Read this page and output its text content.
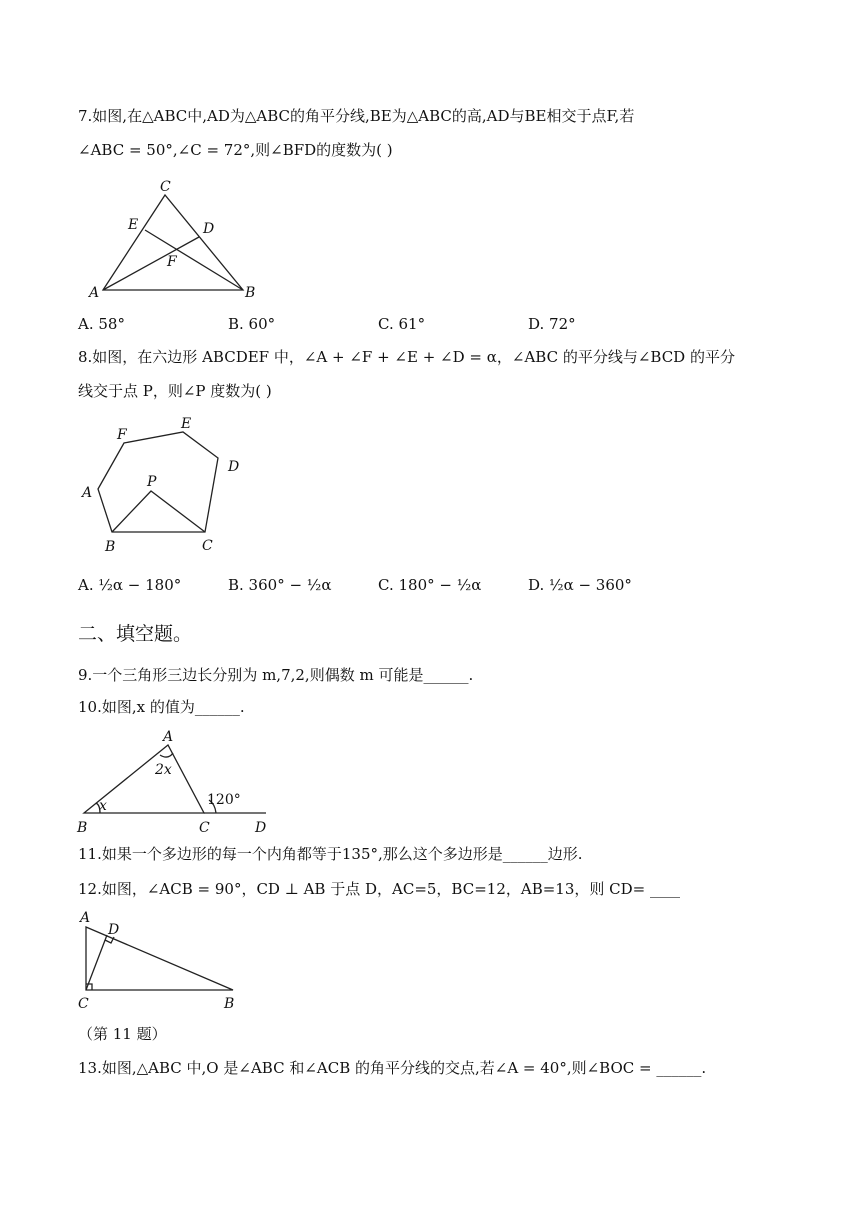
7.如图,在△ABC中,AD为△ABC的角平分线,BE为△ABC的高,AD与BE相交于点F,若
∠ABC = 50°,∠C = 72°,则∠BFD的度数为( )
C
E	D
F
A	B
A. 58°	B. 60°	C. 61°	D. 72°
8.如图，在六边形 ABCDEF 中，∠A + ∠F + ∠E + ∠D = α，∠ABC 的平分线与∠BCD 的平分
线交于点 P，则∠P 度数为( )
F
E
D
A
P
B	C
A. ½α − 180°	B. 360° − ½α	C. 180° − ½α	D. ½α − 360°
二、填空题。
9.一个三角形三边长分别为 m,7,2,则偶数 m 可能是______.
10.如图,x 的值为______.
A
2x
x	120°
B	C	D
11.如果一个多边形的每一个内角都等于135°,那么这个多边形是______边形.
12.如图，∠ACB = 90°，CD ⊥ AB 于点 D，AC=5，BC=12，AB=13，则 CD= ____
A
D
C	B
（第 11 题）
13.如图,△ABC 中,O 是∠ABC 和∠ACB 的角平分线的交点,若∠A = 40°,则∠BOC = ______.
